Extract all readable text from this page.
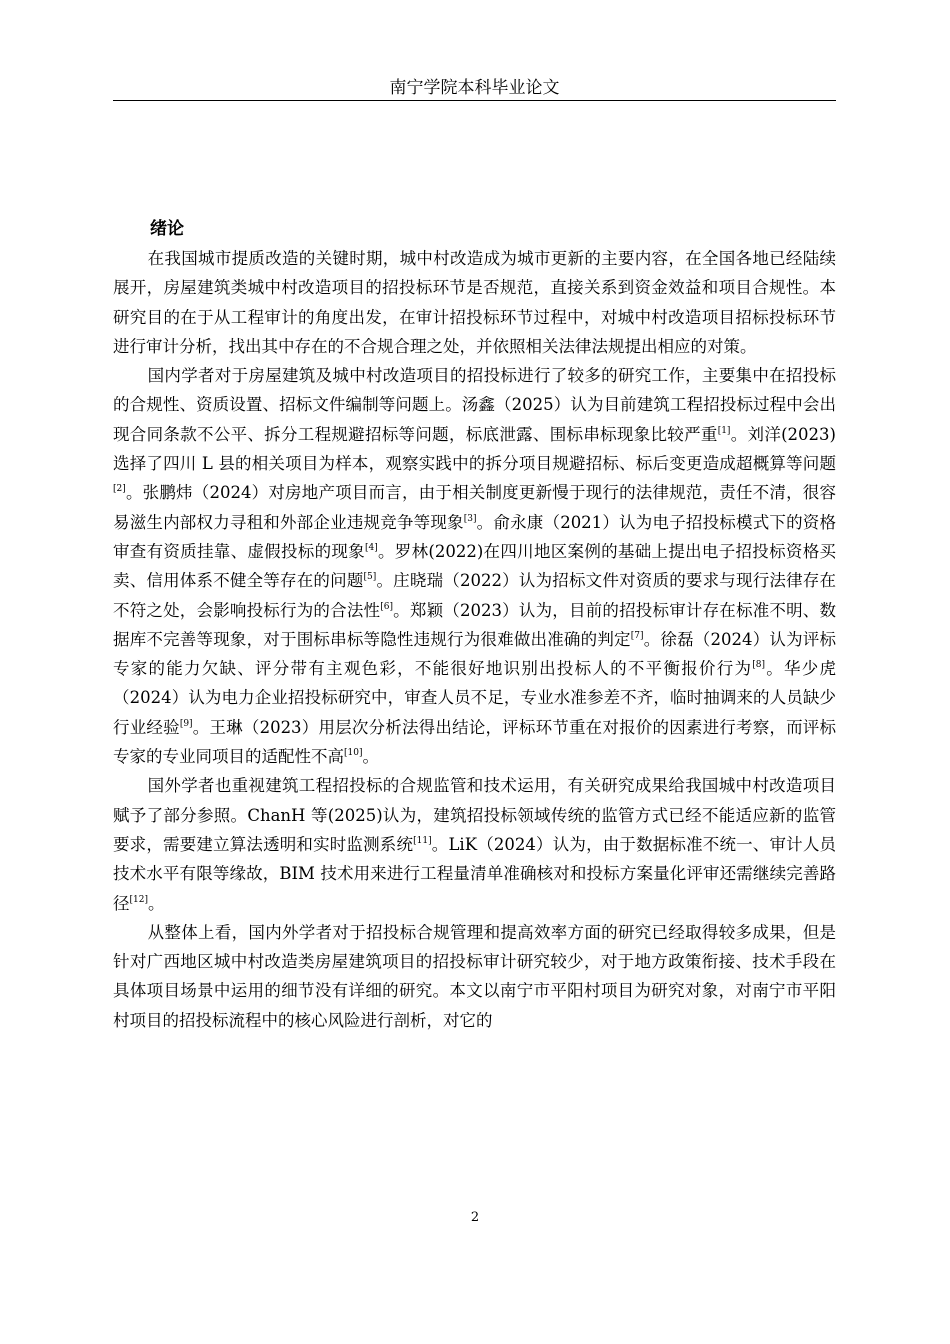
南宁学院本科毕业论文
绪论

在我国城市提质改造的关键时期，城中村改造成为城市更新的主要内容，在全国各地已经陆续展开，房屋建筑类城中村改造项目的招投标环节是否规范，直接关系到资金效益和项目合规性。本研究目的在于从工程审计的角度出发，在审计招投标环节过程中，对城中村改造项目招标投标环节进行审计分析，找出其中存在的不合规合理之处，并依照相关法律法规提出相应的对策。

国内学者对于房屋建筑及城中村改造项目的招投标进行了较多的研究工作，主要集中在招投标的合规性、资质设置、招标文件编制等问题上。汤鑫（2025）认为目前建筑工程招投标过程中会出现合同条款不公平、拆分工程规避招标等问题，标底泄露、围标串标现象比较严重[1]。刘洋(2023)选择了四川 L 县的相关项目为样本，观察实践中的拆分项目规避招标、标后变更造成超概算等问题[2]。张鹏炜（2024）对房地产项目而言，由于相关制度更新慢于现行的法律规范，责任不清，很容易滋生内部权力寻租和外部企业违规竞争等现象[3]。俞永康（2021）认为电子招投标模式下的资格审查有资质挂靠、虚假投标的现象[4]。罗林(2022)在四川地区案例的基础上提出电子招投标资格买卖、信用体系不健全等存在的问题[5]。庄晓瑞（2022）认为招标文件对资质的要求与现行法律存在不符之处，会影响投标行为的合法性[6]。郑颖（2023）认为，目前的招投标审计存在标准不明、数据库不完善等现象，对于围标串标等隐性违规行为很难做出准确的判定[7]。徐磊（2024）认为评标专家的能力欠缺、评分带有主观色彩，不能很好地识别出投标人的不平衡报价行为[8]。华少虎（2024）认为电力企业招投标研究中，审查人员不足，专业水准参差不齐，临时抽调来的人员缺少行业经验[9]。王琳（2023）用层次分析法得出结论，评标环节重在对报价的因素进行考察，而评标专家的专业同项目的适配性不高[10]。

国外学者也重视建筑工程招投标的合规监管和技术运用，有关研究成果给我国城中村改造项目赋予了部分参照。ChanH 等(2025)认为，建筑招投标领域传统的监管方式已经不能适应新的监管要求，需要建立算法透明和实时监测系统[11]。LiK（2024）认为，由于数据标准不统一、审计人员技术水平有限等缘故，BIM 技术用来进行工程量清单准确核对和投标方案量化评审还需继续完善路径[12]。

从整体上看，国内外学者对于招投标合规管理和提高效率方面的研究已经取得较多成果，但是针对广西地区城中村改造类房屋建筑项目的招投标审计研究较少，对于地方政策衔接、技术手段在具体项目场景中运用的细节没有详细的研究。本文以南宁市平阳村项目为研究对象，对南宁市平阳村项目的招投标流程中的核心风险进行剖析，对它的

2
